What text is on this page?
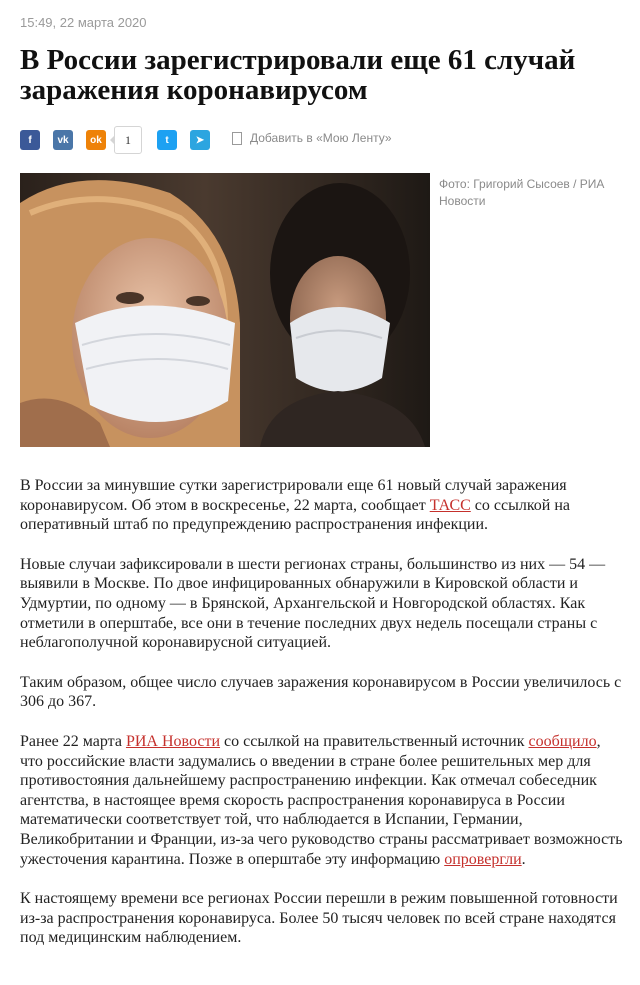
15:49, 22 марта 2020
В России зарегистрировали еще 61 случай заражения коронавирусом
f	vk ok	1	t	➤	Добавить в «Мою Ленту»
Фото: Григорий Сысоев / РИА Новости

В России за минувшие сутки зарегистрировали еще 61 новый случай заражения коронавирусом. Об этом в воскресенье, 22 марта, сообщает ТАСС со ссылкой на оперативный штаб по предупреждению распространения инфекции.

Новые случаи зафиксировали в шести регионах страны, большинство из них — 54 — выявили в Москве. По двое инфицированных обнаружили в Кировской области и Удмуртии, по одному — в Брянской, Архангельской и Новгородской областях. Как отметили в оперштабе, все они в течение последних двух недель посещали страны с неблагополучной коронавирусной ситуацией.

Таким образом, общее число случаев заражения коронавирусом в России увеличилось с 306 до 367.

Ранее 22 марта РИА Новости со ссылкой на правительственный источник сообщило, что российские власти задумались о введении в стране более решительных мер для противостояния дальнейшему распространению инфекции. Как отмечал собеседник агентства, в настоящее время скорость распространения коронавируса в России математически соответствует той, что наблюдается в Испании, Германии, Великобритании и Франции, из-за чего руководство страны рассматривает возможность ужесточения карантина. Позже в оперштабе эту информацию опровергли.

К настоящему времени все регионах России перешли в режим повышенной готовности из-за распространения коронавируса. Более 50 тысяч человек по всей стране находятся под медицинским наблюдением.
